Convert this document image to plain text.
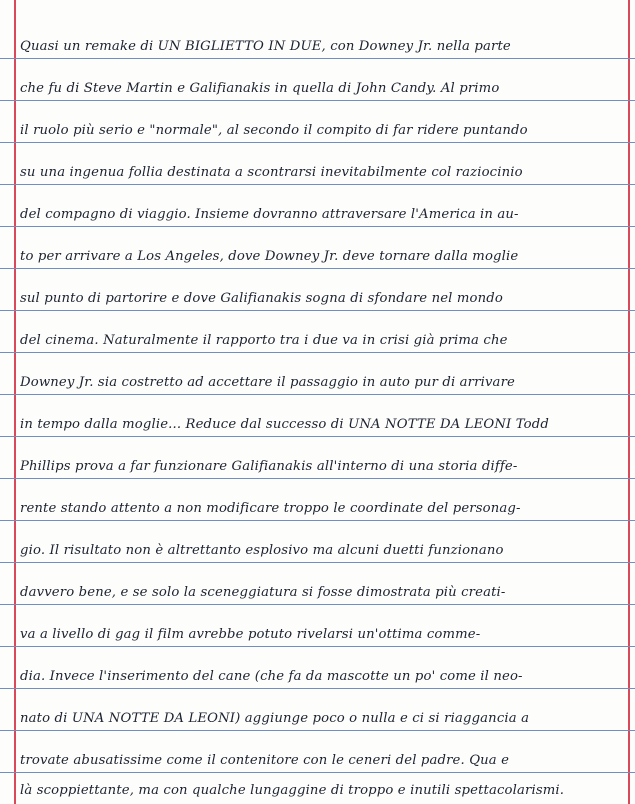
Quasi un remake di UN BIGLIETTO IN DUE, con Downey Jr. nella parte
che fu di Steve Martin e Galifianakis in quella di John Candy. Al primo
il ruolo più serio e "normale", al secondo il compito di far ridere puntando
su una ingenua follia destinata a scontrarsi inevitabilmente col raziocinio
del compagno di viaggio. Insieme dovranno attraversare l'America in au-
to per arrivare a Los Angeles, dove Downey Jr. deve tornare dalla moglie
sul punto di partorire e dove Galifianakis sogna di sfondare nel mondo
del cinema. Naturalmente il rapporto tra i due va in crisi già prima che
Downey Jr. sia costretto ad accettare il passaggio in auto pur di arrivare
in tempo dalla moglie... Reduce dal successo di UNA NOTTE DA LEONI Todd
Phillips prova a far funzionare Galifianakis all'interno di una storia diffe-
rente stando attento a non modificare troppo le coordinate del personag-
gio. Il risultato non è altrettanto esplosivo ma alcuni duetti funzionano
davvero bene, e se solo la sceneggiatura si fosse dimostrata più creati-
va a livello di gag il film avrebbe potuto rivelarsi un'ottima comme-
dia. Invece l'inserimento del cane (che fa da mascotte un po' come il neo-
nato di UNA NOTTE DA LEONI) aggiunge poco o nulla e ci si riaggancia a
trovate abusatissime come il contenitore con le ceneri del padre. Qua e
là scoppiettante, ma con qualche lungaggine di troppo e inutili spettacolarismi.
